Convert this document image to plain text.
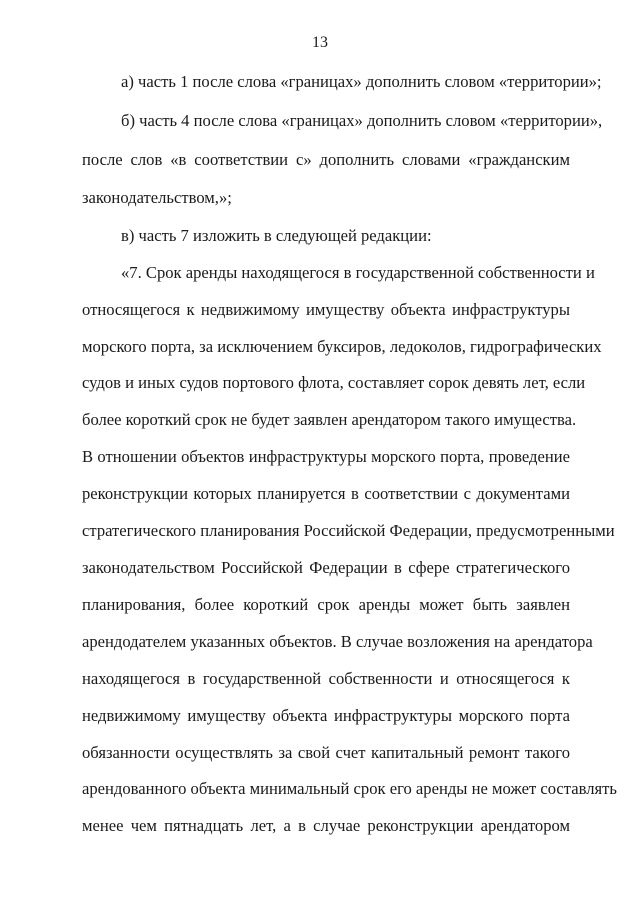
13
а) часть 1 после слова «границах» дополнить словом «территории»;
б) часть 4 после слова «границах» дополнить словом «территории»,
после слов «в соответствии с» дополнить словами «гражданским
законодательством,»;
в) часть 7 изложить в следующей редакции:
«7. Срок аренды находящегося в государственной собственности и
относящегося к недвижимому имуществу объекта инфраструктуры
морского порта, за исключением буксиров, ледоколов, гидрографических
судов и иных судов портового флота, составляет сорок девять лет, если
более короткий срок не будет заявлен арендатором такого имущества.
В отношении объектов инфраструктуры морского порта, проведение
реконструкции которых планируется в соответствии с документами
стратегического планирования Российской Федерации, предусмотренными
законодательством Российской Федерации в сфере стратегического
планирования, более короткий срок аренды может быть заявлен
арендодателем указанных объектов. В случае возложения на арендатора
находящегося в государственной собственности и относящегося к
недвижимому имуществу объекта инфраструктуры морского порта
обязанности осуществлять за свой счет капитальный ремонт такого
арендованного объекта минимальный срок его аренды не может составлять
менее чем пятнадцать лет, а в случае реконструкции арендатором
